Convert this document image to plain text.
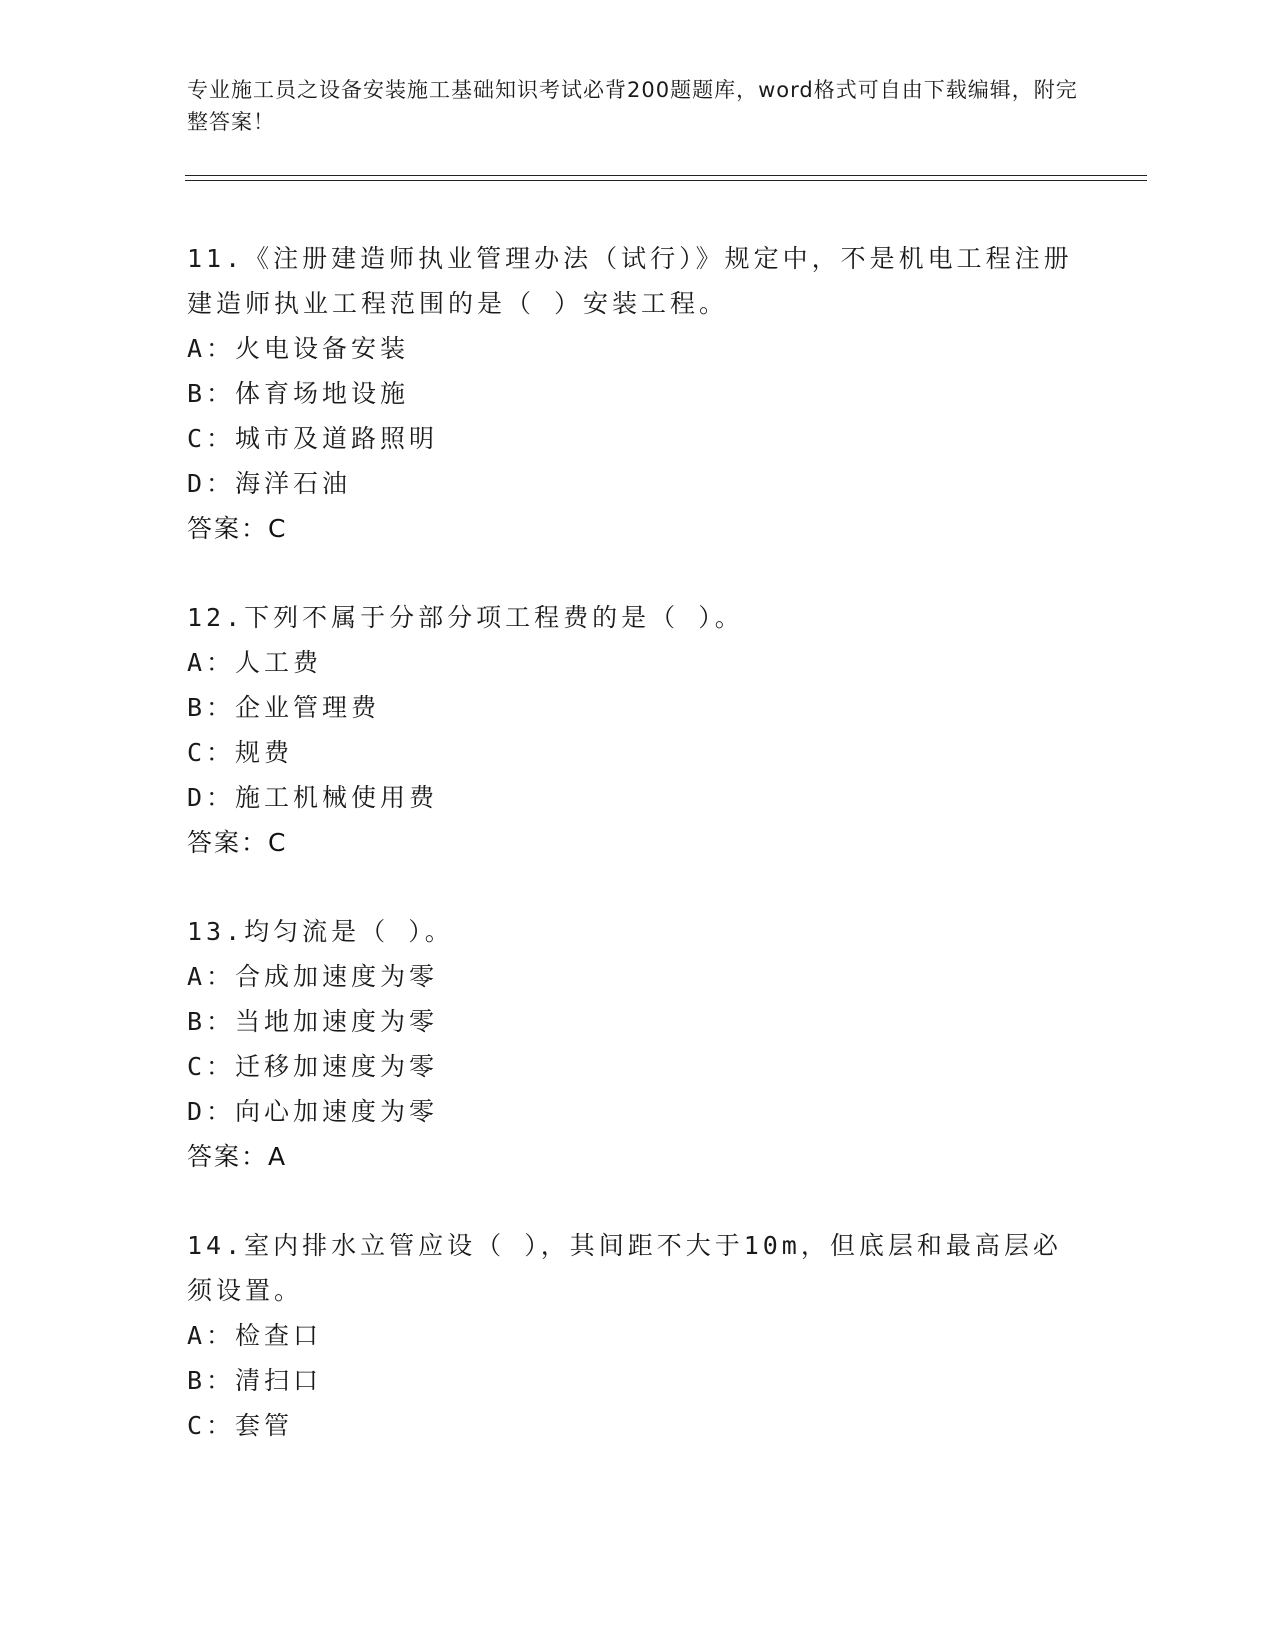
专业施工员之设备安装施工基础知识考试必背200题题库，word格式可自由下载编辑，附完整答案！
11.《注册建造师执业管理办法（试行）》规定中，不是机电工程注册建造师执业工程范围的是（ ）安装工程。
A：火电设备安装
B：体育场地设施
C：城市及道路照明
D：海洋石油
答案：C
12.下列不属于分部分项工程费的是（ ）。
A：人工费
B：企业管理费
C：规费
D：施工机械使用费
答案：C
13.均匀流是（ ）。
A：合成加速度为零
B：当地加速度为零
C：迁移加速度为零
D：向心加速度为零
答案：A
14.室内排水立管应设（ ），其间距不大于10m，但底层和最高层必须设置。
A：检查口
B：清扫口
C：套管
